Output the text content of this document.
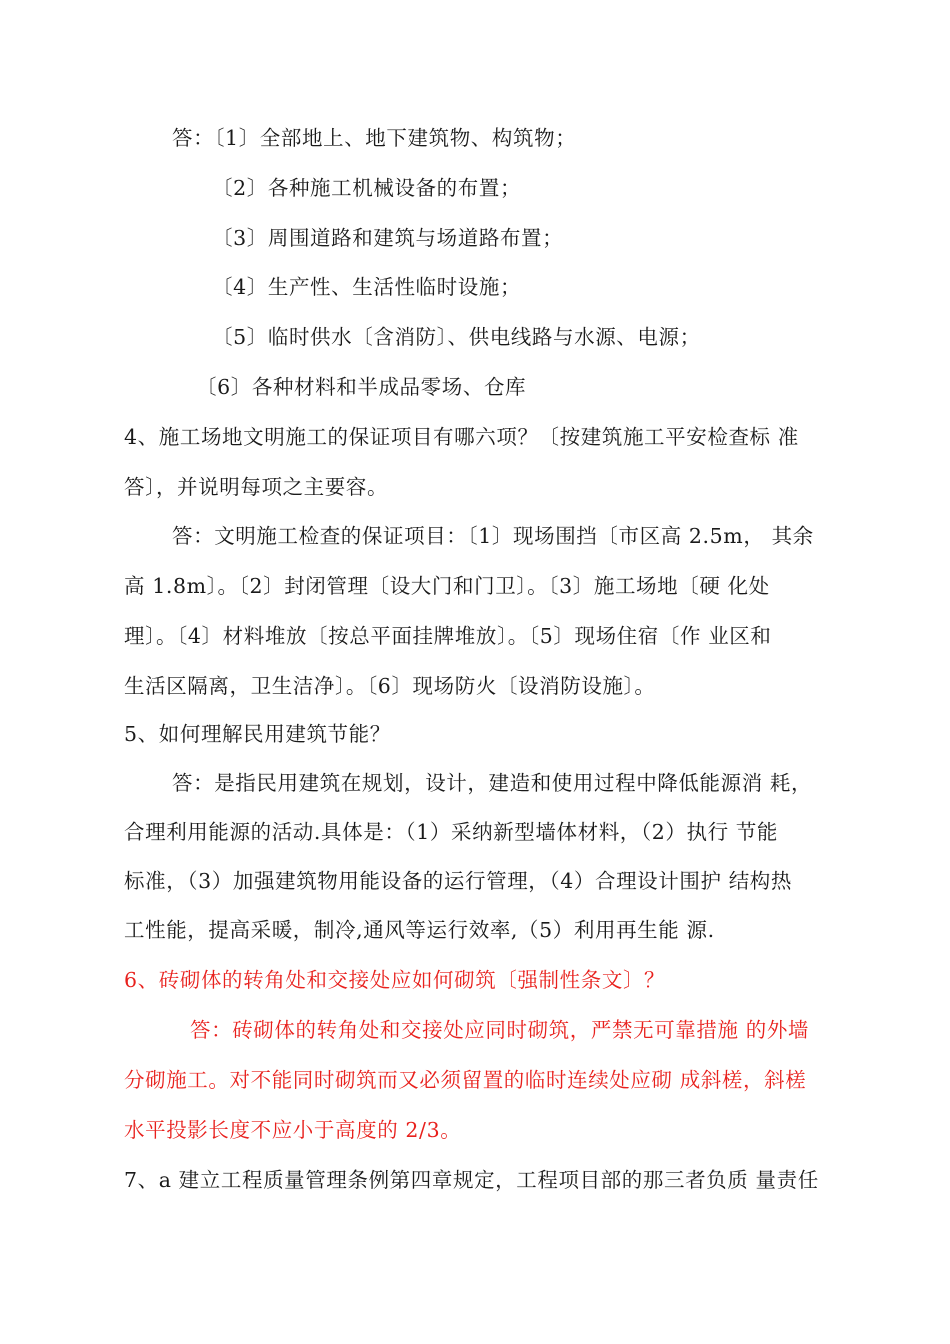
答：〔1〕全部地上、地下建筑物、构筑物；
〔2〕各种施工机械设备的布置；
〔3〕周围道路和建筑与场道路布置；
〔4〕生产性、生活性临时设施；
〔5〕临时供水〔含消防〕、供电线路与水源、电源；
〔6〕各种材料和半成品零场、仓库
4、施工场地文明施工的保证项目有哪六项？〔按建筑施工平安检查标 准
答〕，并说明每项之主要容。
答：文明施工检查的保证项目：〔1〕现场围挡〔市区高 2.5m， 其余
高 1.8m〕。〔2〕封闭管理〔设大门和门卫〕。〔3〕施工场地〔硬 化处
理〕。〔4〕材料堆放〔按总平面挂牌堆放〕。〔5〕现场住宿〔作 业区和
生活区隔离，卫生洁净〕。〔6〕现场防火〔设消防设施〕。
5、如何理解民用建筑节能？
答：是指民用建筑在规划，设计，建造和使用过程中降低能源消 耗，
合理利用能源的活动.具体是：（1）采纳新型墙体材料，（2）执行 节能
标准，（3）加强建筑物用能设备的运行管理，（4）合理设计围护 结构热
工性能，提高采暖，制冷,通风等运行效率,（5）利用再生能 源.
6、砖砌体的转角处和交接处应如何砌筑〔强制性条文〕？
答：砖砌体的转角处和交接处应同时砌筑，严禁无可靠措施 的外墙
分砌施工。对不能同时砌筑而又必须留置的临时连续处应砌 成斜槎，斜槎
水平投影长度不应小于高度的 2/3。
7、a 建立工程质量管理条例第四章规定，工程项目部的那三者负质 量责任
